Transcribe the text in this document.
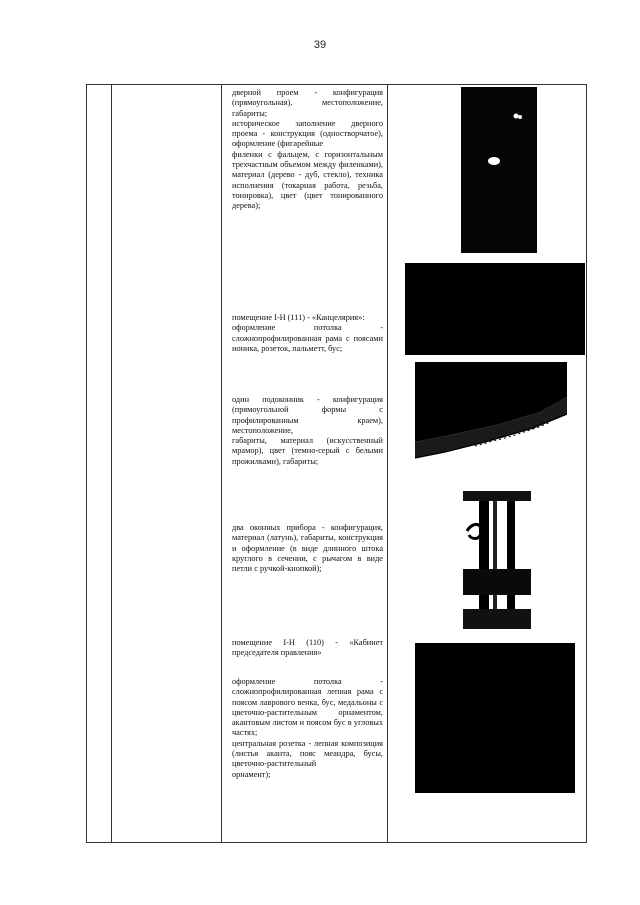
39
дверной проем - конфигурация (прямоугольная), местоположение, габариты;
историческое заполнение дверного проема - конструкция (одностворчатое), оформление (фигарейные
филенки с фальцем, с горизонтальным трехчастным объемом между филенками), материал (дерево - дуб, стекло), техника исполнения (токарная работа, резьба, тонировка), цвет (цвет тонированного дерева);
помещение I-Н (111) - «Канцелярия»:
оформление потолка - сложнопрофилированная рама с поясами ионика, розеток, пальметт, бус;
один подоконник - конфигурация (прямоугольной формы с профилированным краем), местоположение,
габариты, материал (искусственный мрамор), цвет (темно-серый с белыми прожилками), габариты;
два оконных прибора - конфигурация, материал (латунь), габариты, конструкция и оформление (в виде длинного штока круглого в сечении, с рычагом в виде петли с ручкой-кнопкой);
помещение I-Н (110) - «Кабинет председателя правления»
оформление потолка - сложнопрофилированная лепная рама с поясом лаврового венка, бус, медальоны с цветочно-растительным орнаментом, акантовым листом и поясом бус в угловых частях;
центральная розетка - лепная композиция (листья аканта, пояс меандра, бусы, цветочно-растительный
орнамент);
